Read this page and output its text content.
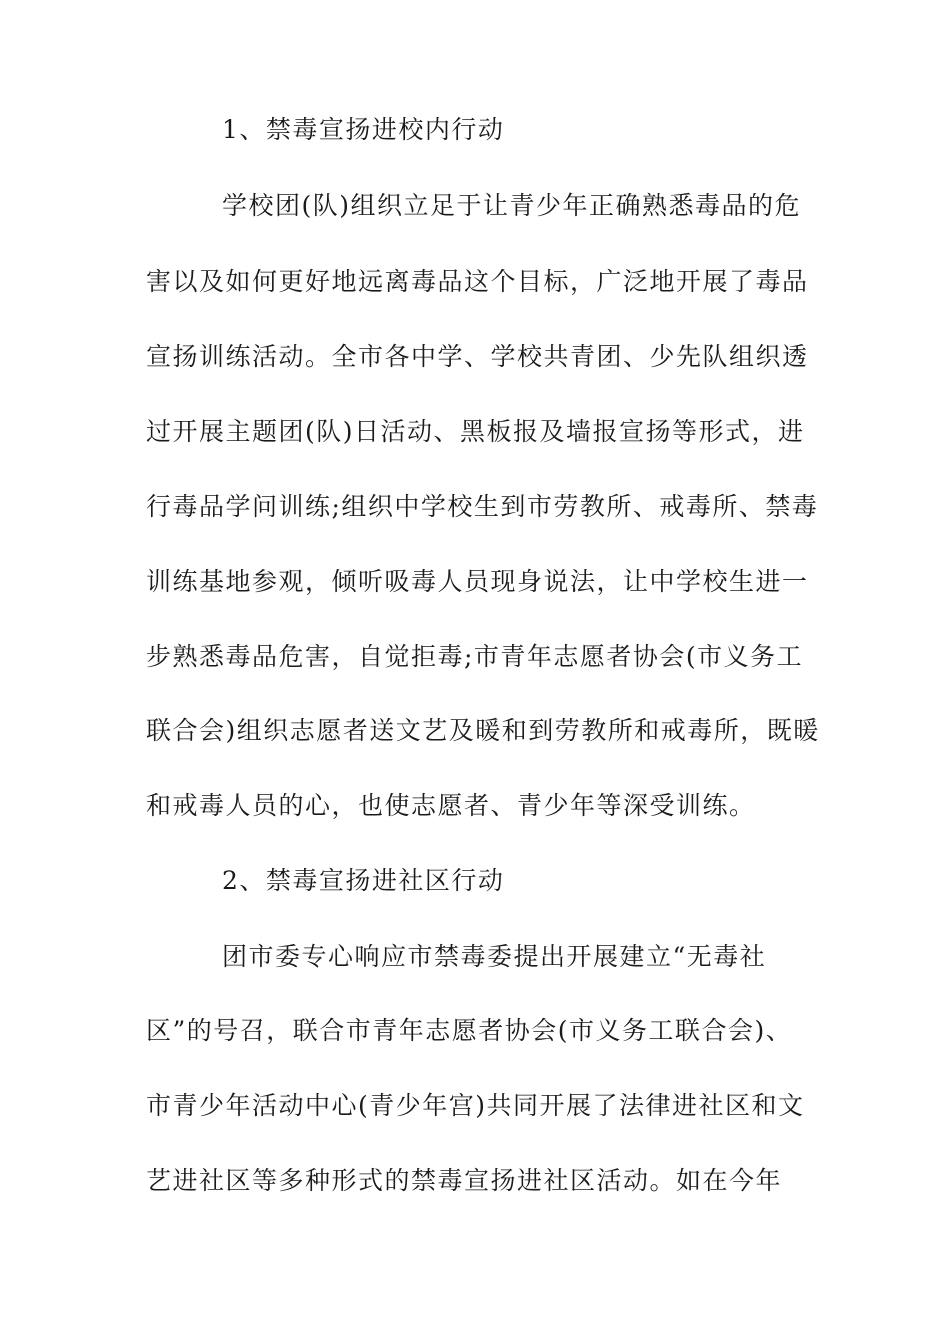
1、禁毒宣扬进校内行动
学校团(队)组织立足于让青少年正确熟悉毒品的危
害以及如何更好地远离毒品这个目标，广泛地开展了毒品
宣扬训练活动。全市各中学、学校共青团、少先队组织透
过开展主题团(队)日活动、黑板报及墙报宣扬等形式，进
行毒品学问训练;组织中学校生到市劳教所、戒毒所、禁毒
训练基地参观，倾听吸毒人员现身说法，让中学校生进一
步熟悉毒品危害，自觉拒毒;市青年志愿者协会(市义务工
联合会)组织志愿者送文艺及暖和到劳教所和戒毒所，既暖
和戒毒人员的心，也使志愿者、青少年等深受训练。
2、禁毒宣扬进社区行动
团市委专心响应市禁毒委提出开展建立“无毒社
区”的号召，联合市青年志愿者协会(市义务工联合会)、
市青少年活动中心(青少年宫)共同开展了法律进社区和文
艺进社区等多种形式的禁毒宣扬进社区活动。如在今年
